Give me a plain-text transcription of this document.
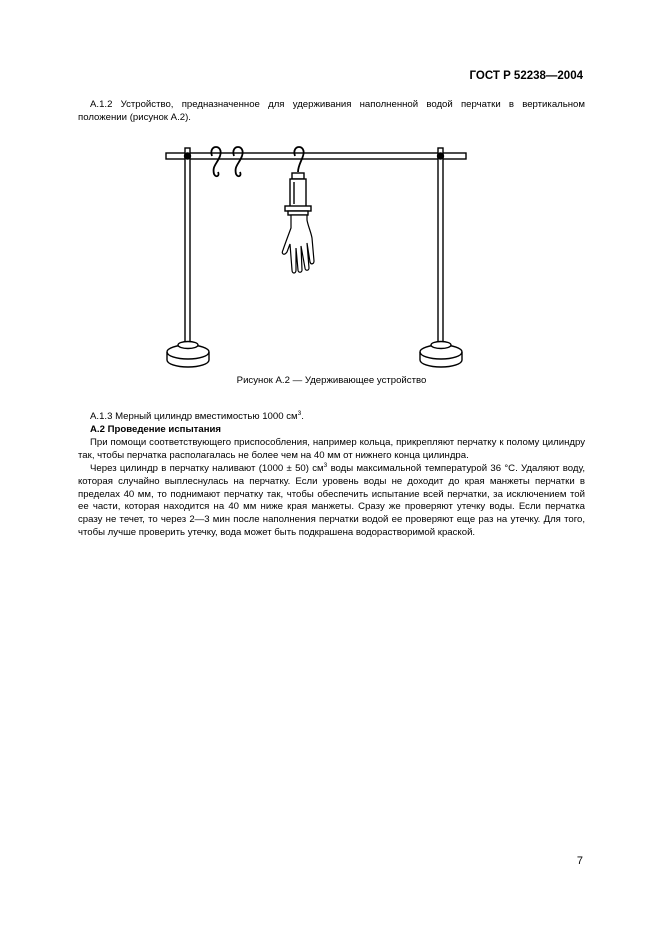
ГОСТ Р 52238—2004
А.1.2 Устройство, предназначенное для удерживания наполненной водой перчатки в вертикальном положении (рисунок А.2).
Рисунок А.2 — Удерживающее устройство
А.1.3 Мерный цилиндр вместимостью 1000 $см^3$.
А.2 Проведение испытания
При помощи соответствующего приспособления, например кольца, прикрепляют перчатку к полому цилиндру так, чтобы перчатка располагалась не более чем на 40 мм от нижнего конца цилиндра.
Через цилиндр в перчатку наливают (1000 ± 50) $см^3$ воды максимальной температурой 36 °С. Удаляют воду, которая случайно выплеснулась на перчатку. Если уровень воды не доходит до края манжеты перчатки в пределах 40 мм, то поднимают перчатку так, чтобы обеспечить испытание всей перчатки, за исключением той ее части, которая находится на 40 мм ниже края манжеты. Сразу же проверяют утечку воды. Если перчатка сразу не течет, то через 2—3 мин после наполнения перчатки водой ее проверяют еще раз на утечку. Для того, чтобы лучше проверить утечку, вода может быть подкрашена водорастворимой краской.
7
